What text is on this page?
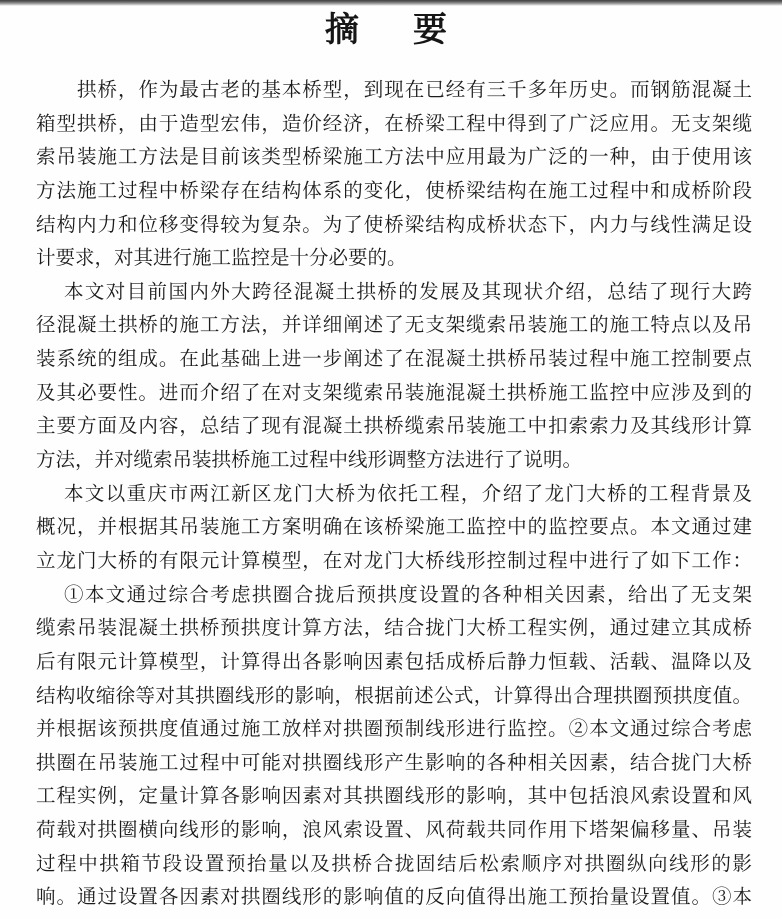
摘　要

拱桥，作为最古老的基本桥型，到现在已经有三千多年历史。而钢筋混凝土
箱型拱桥，由于造型宏伟，造价经济，在桥梁工程中得到了广泛应用。无支架缆
索吊装施工方法是目前该类型桥梁施工方法中应用最为广泛的一种，由于使用该
方法施工过程中桥梁存在结构体系的变化，使桥梁结构在施工过程中和成桥阶段
结构内力和位移变得较为复杂。为了使桥梁结构成桥状态下，内力与线性满足设
计要求，对其进行施工监控是十分必要的。

本文对目前国内外大跨径混凝土拱桥的发展及其现状介绍，总结了现行大跨
径混凝土拱桥的施工方法，并详细阐述了无支架缆索吊装施工的施工特点以及吊
装系统的组成。在此基础上进一步阐述了在混凝土拱桥吊装过程中施工控制要点
及其必要性。进而介绍了在对支架缆索吊装施混凝土拱桥施工监控中应涉及到的
主要方面及内容，总结了现有混凝土拱桥缆索吊装施工中扣索索力及其线形计算
方法，并对缆索吊装拱桥施工过程中线形调整方法进行了说明。

本文以重庆市两江新区龙门大桥为依托工程，介绍了龙门大桥的工程背景及
概况，并根据其吊装施工方案明确在该桥梁施工监控中的监控要点。本文通过建
立龙门大桥的有限元计算模型，在对龙门大桥线形控制过程中进行了如下工作：

①本文通过综合考虑拱圈合拢后预拱度设置的各种相关因素，给出了无支架
缆索吊装混凝土拱桥预拱度计算方法，结合拢门大桥工程实例，通过建立其成桥
后有限元计算模型，计算得出各影响因素包括成桥后静力恒载、活载、温降以及
结构收缩徐等对其拱圈线形的影响，根据前述公式，计算得出合理拱圈预拱度值。
并根据该预拱度值通过施工放样对拱圈预制线形进行监控。②本文通过综合考虑
拱圈在吊装施工过程中可能对拱圈线形产生影响的各种相关因素，结合拢门大桥
工程实例，定量计算各影响因素对其拱圈线形的影响，其中包括浪风索设置和风
荷载对拱圈横向线形的影响，浪风索设置、风荷载共同作用下塔架偏移量、吊装
过程中拱箱节段设置预抬量以及拱桥合拢固结后松索顺序对拱圈纵向线形的影
响。通过设置各因素对拱圈线形的影响值的反向值得出施工预抬量设置值。③本
